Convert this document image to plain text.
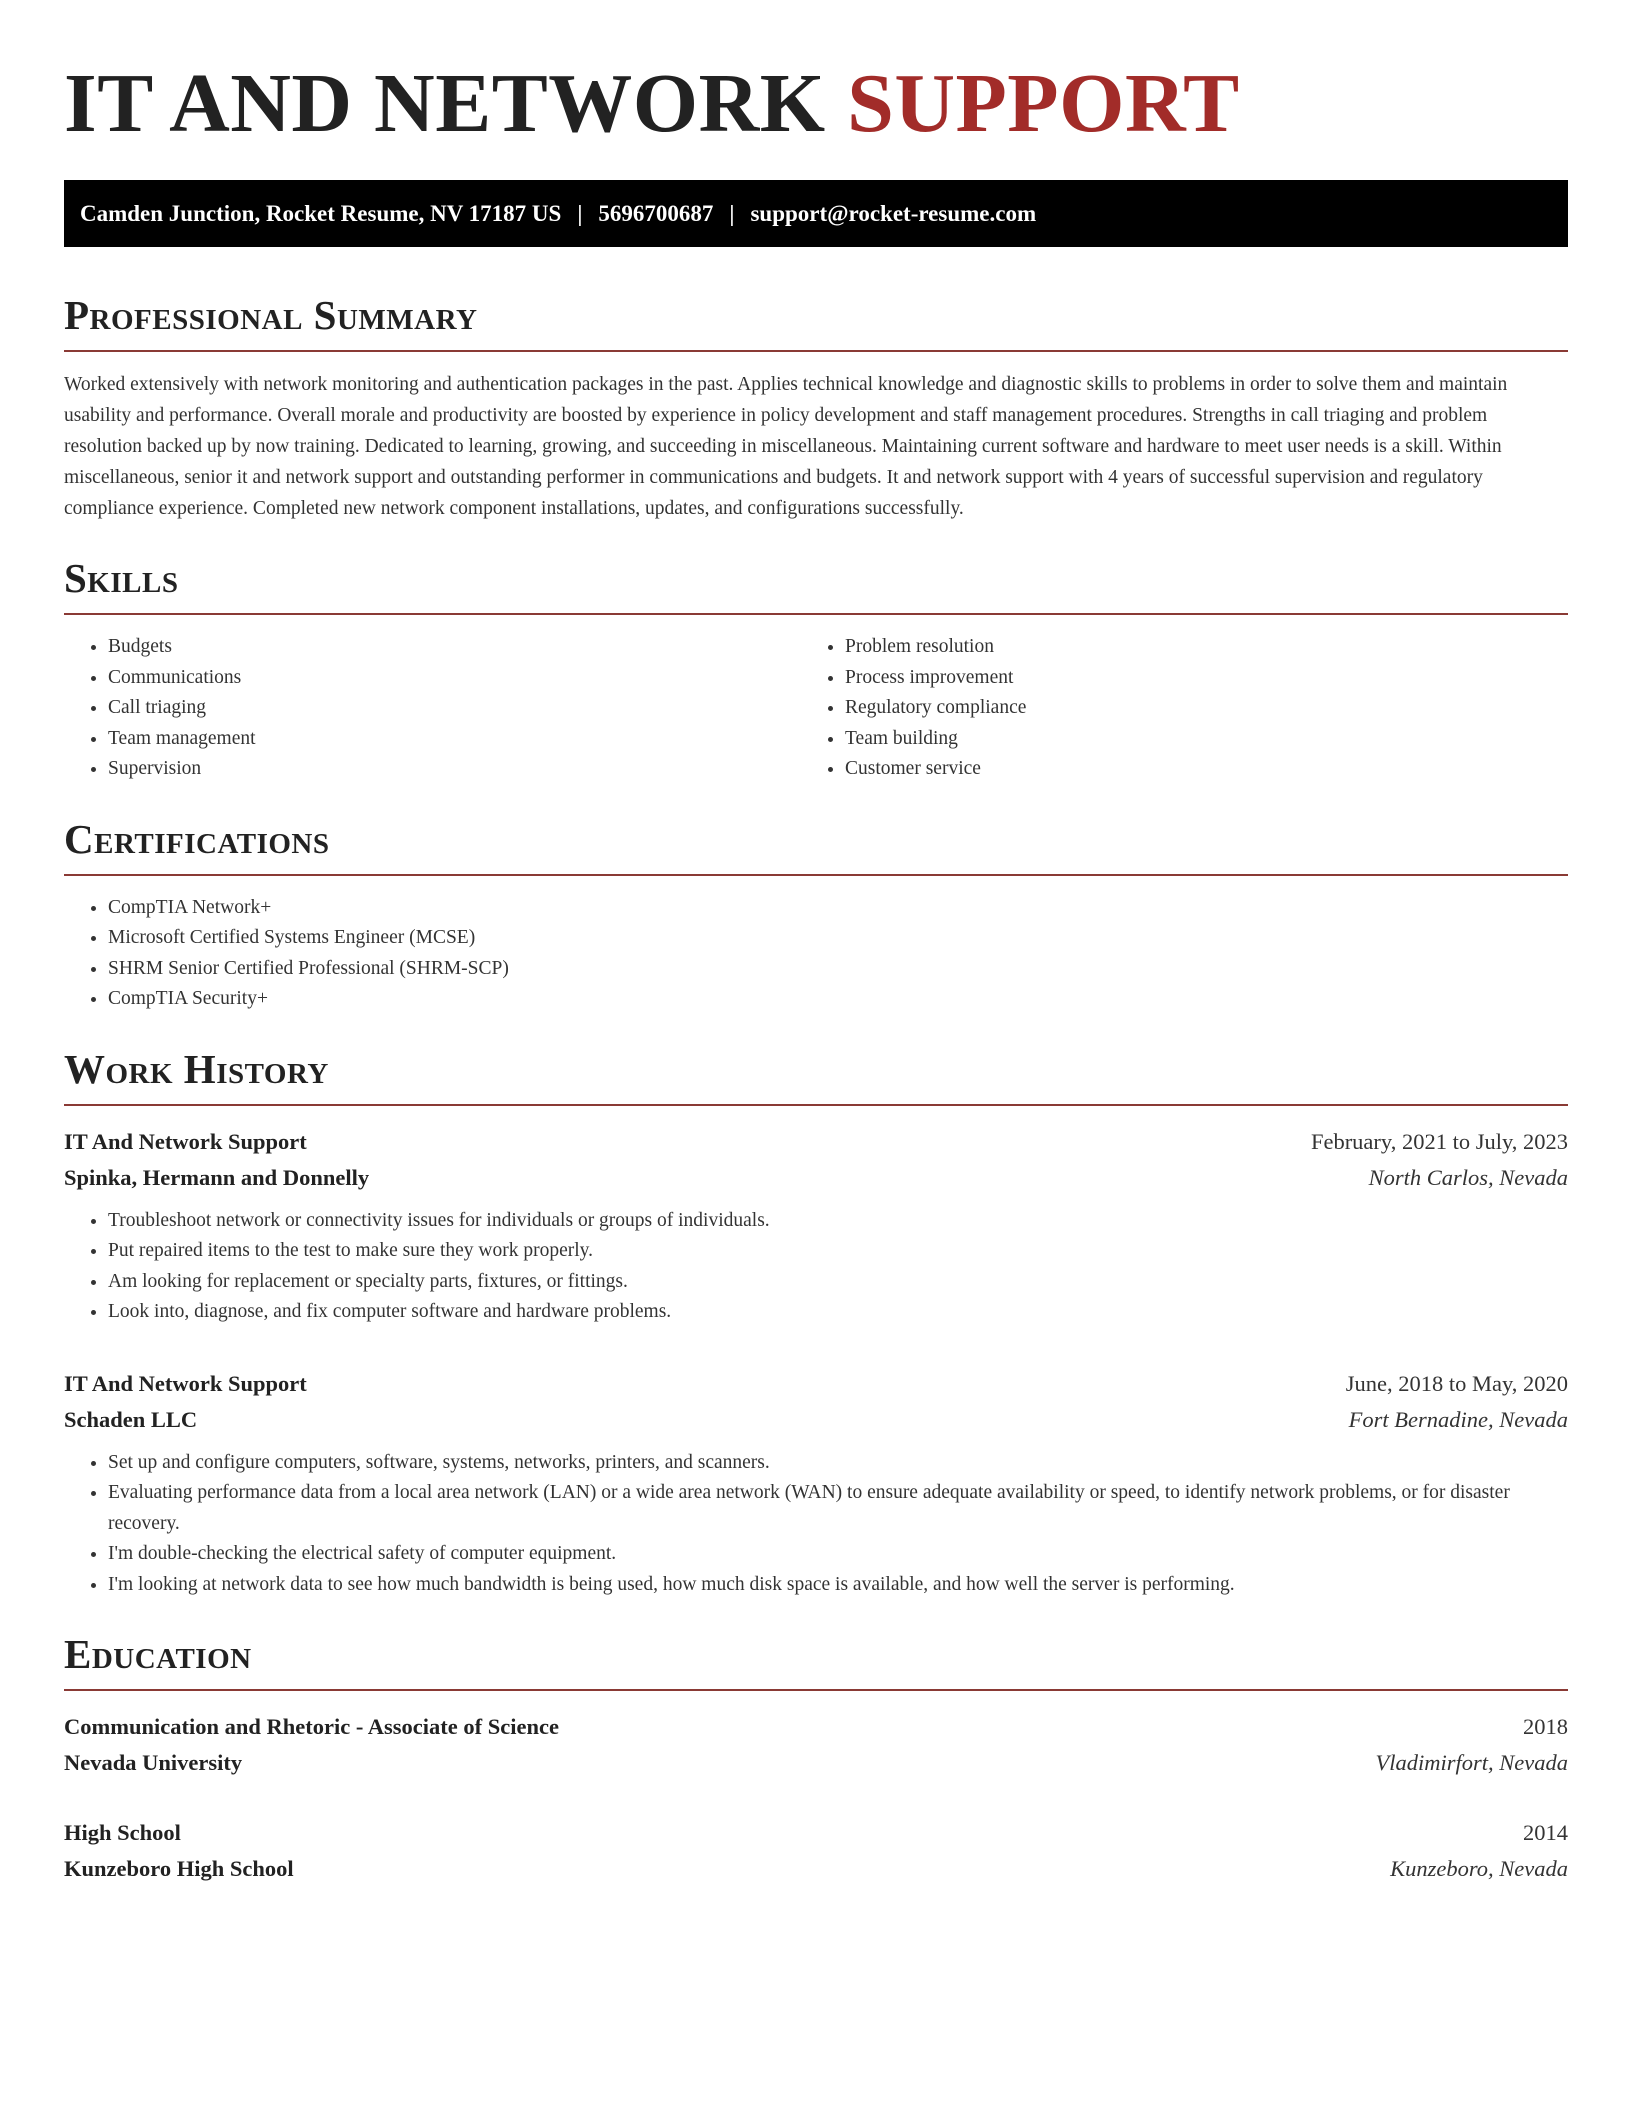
IT AND NETWORK SUPPORT
Camden Junction, Rocket Resume, NV 17187 US | 5696700687 | support@rocket-resume.com
Professional Summary

Worked extensively with network monitoring and authentication packages in the past. Applies technical knowledge and diagnostic skills to problems in order to solve them and maintain usability and performance. Overall morale and productivity are boosted by experience in policy development and staff management procedures. Strengths in call triaging and problem resolution backed up by now training. Dedicated to learning, growing, and succeeding in miscellaneous. Maintaining current software and hardware to meet user needs is a skill. Within miscellaneous, senior it and network support and outstanding performer in communications and budgets. It and network support with 4 years of successful supervision and regulatory compliance experience. Completed new network component installations, updates, and configurations successfully.

Skills
• Budgets
• Communications
• Call triaging
• Team management
• Supervision
• Problem resolution
• Process improvement
• Regulatory compliance
• Team building
• Customer service
Certifications
• CompTIA Network+
• Microsoft Certified Systems Engineer (MCSE)
• SHRM Senior Certified Professional (SHRM-SCP)
• CompTIA Security+
Work History
IT And Network Support	February, 2021 to July, 2023
Spinka, Hermann and Donnelly	North Carlos, Nevada
• Troubleshoot network or connectivity issues for individuals or groups of individuals.
• Put repaired items to the test to make sure they work properly.
• Am looking for replacement or specialty parts, fixtures, or fittings.
• Look into, diagnose, and fix computer software and hardware problems.
IT And Network Support	June, 2018 to May, 2020
Schaden LLC	Fort Bernadine, Nevada
• Set up and configure computers, software, systems, networks, printers, and scanners.
• Evaluating performance data from a local area network (LAN) or a wide area network (WAN) to ensure adequate availability or speed, to identify network problems, or for disaster recovery.
• I'm double-checking the electrical safety of computer equipment.
• I'm looking at network data to see how much bandwidth is being used, how much disk space is available, and how well the server is performing.
Education
Communication and Rhetoric - Associate of Science	2018
Nevada University	Vladimirfort, Nevada
High School	2014
Kunzeboro High School	Kunzeboro, Nevada
